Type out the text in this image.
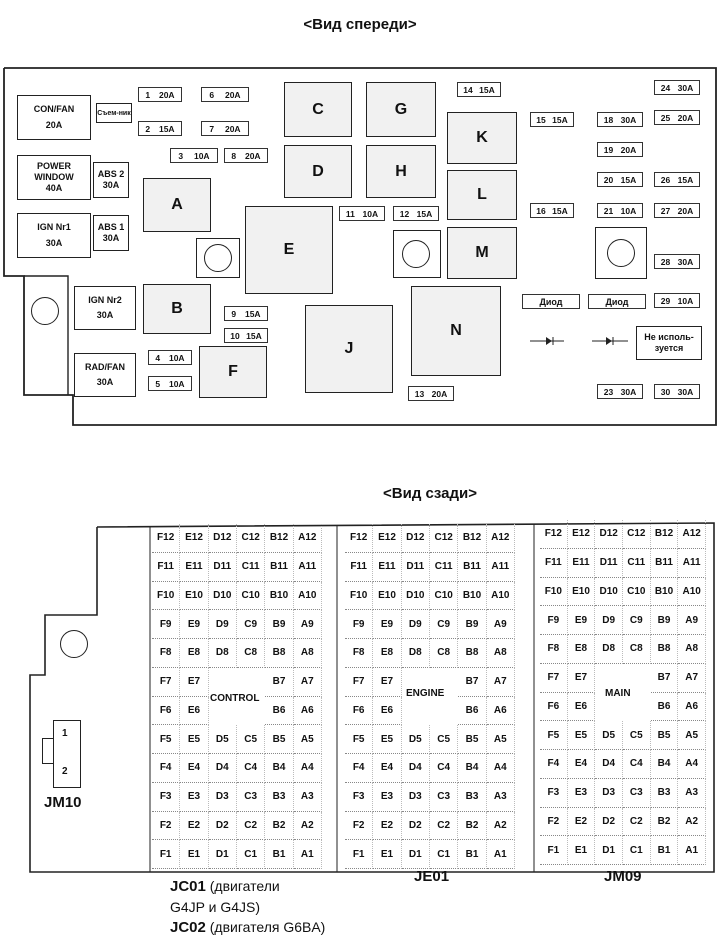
<Вид спереди>
CON/FAN
20A
POWER WINDOW
40A
IGN Nr1
30A
ABS 2
30A
ABS 1
30A
IGN Nr2
30A
RAD/FAN
30A
Съем-ник
1 20A
2 15A
3 10A
4 10A
5 10A
6 20A
7 20A
8 20A
9 15A
10 15A
11 10A	12 15A
13 20A
14 15A
15 15A
16 15A
18 30A
19 20A
20 15A
21 10A
23 30A
24 30A
25 20A
26 15A
27 20A
28 30A
29 10A
30 30A
A
B
C
D
E
F
G
H
J
K
L
M
N
Диод	Диод
Не исполь-зуется
<Вид сзади>
1
2
JM10
F12	E12	D12 C12 B12 A12
F11	E11	D11	C11	B11	A11
F10	E10	D10 C10 B10 A10
F9	E9	D9	C9	B9	A9
F8	E8	D8	C8	B8	A8
F7	E7	B7	A7
F6	E6	B6	A6
F5	E5	D5	C5	B5	A5
F4	E4	D4	C4	B4	A4
F3	E3	D3	C3	B3	A3
F2	E2	D2	C2	B2	A2
F1	E1	D1	C1	B1	A1
F12	E12	D12 C12 B12 A12
F11	E11	D11	C11	B11	A11
F10	E10	D10 C10 B10 A10
F9	E9	D9	C9	B9	A9
F8	E8	D8	C8	B8	A8
F7	E7	B7	A7
F6	E6	B6	A6
F5	E5	D5	C5	B5	A5
F4	E4	D4	C4	B4	A4
F3	E3	D3	C3	B3	A3
F2	E2	D2	C2	B2	A2
F1	E1	D1	C1	B1	A1
F12	E12 D12 C12 B12 A12
F11	E11	D11 C11 B11 A11
F10	E10 D10 C10 B10 A10
F9	E9	D9	C9	B9	A9
F8	E8	D8	C8	B8	A8
F7	E7	B7	A7
F6	E6	B6	A6
F5	E5	D5	C5	B5	A5
F4	E4	D4	C4	B4	A4
F3	E3	D3	C3	B3	A3
F2	E2	D2	C2	B2	A2
F1	E1	D1	C1	B1	A1
CONTROL	ENGINE	MAIN
JC01 (двигатели
G4JP и G4JS)
JC02 (двигателя G6BA)
JE01	JM09
